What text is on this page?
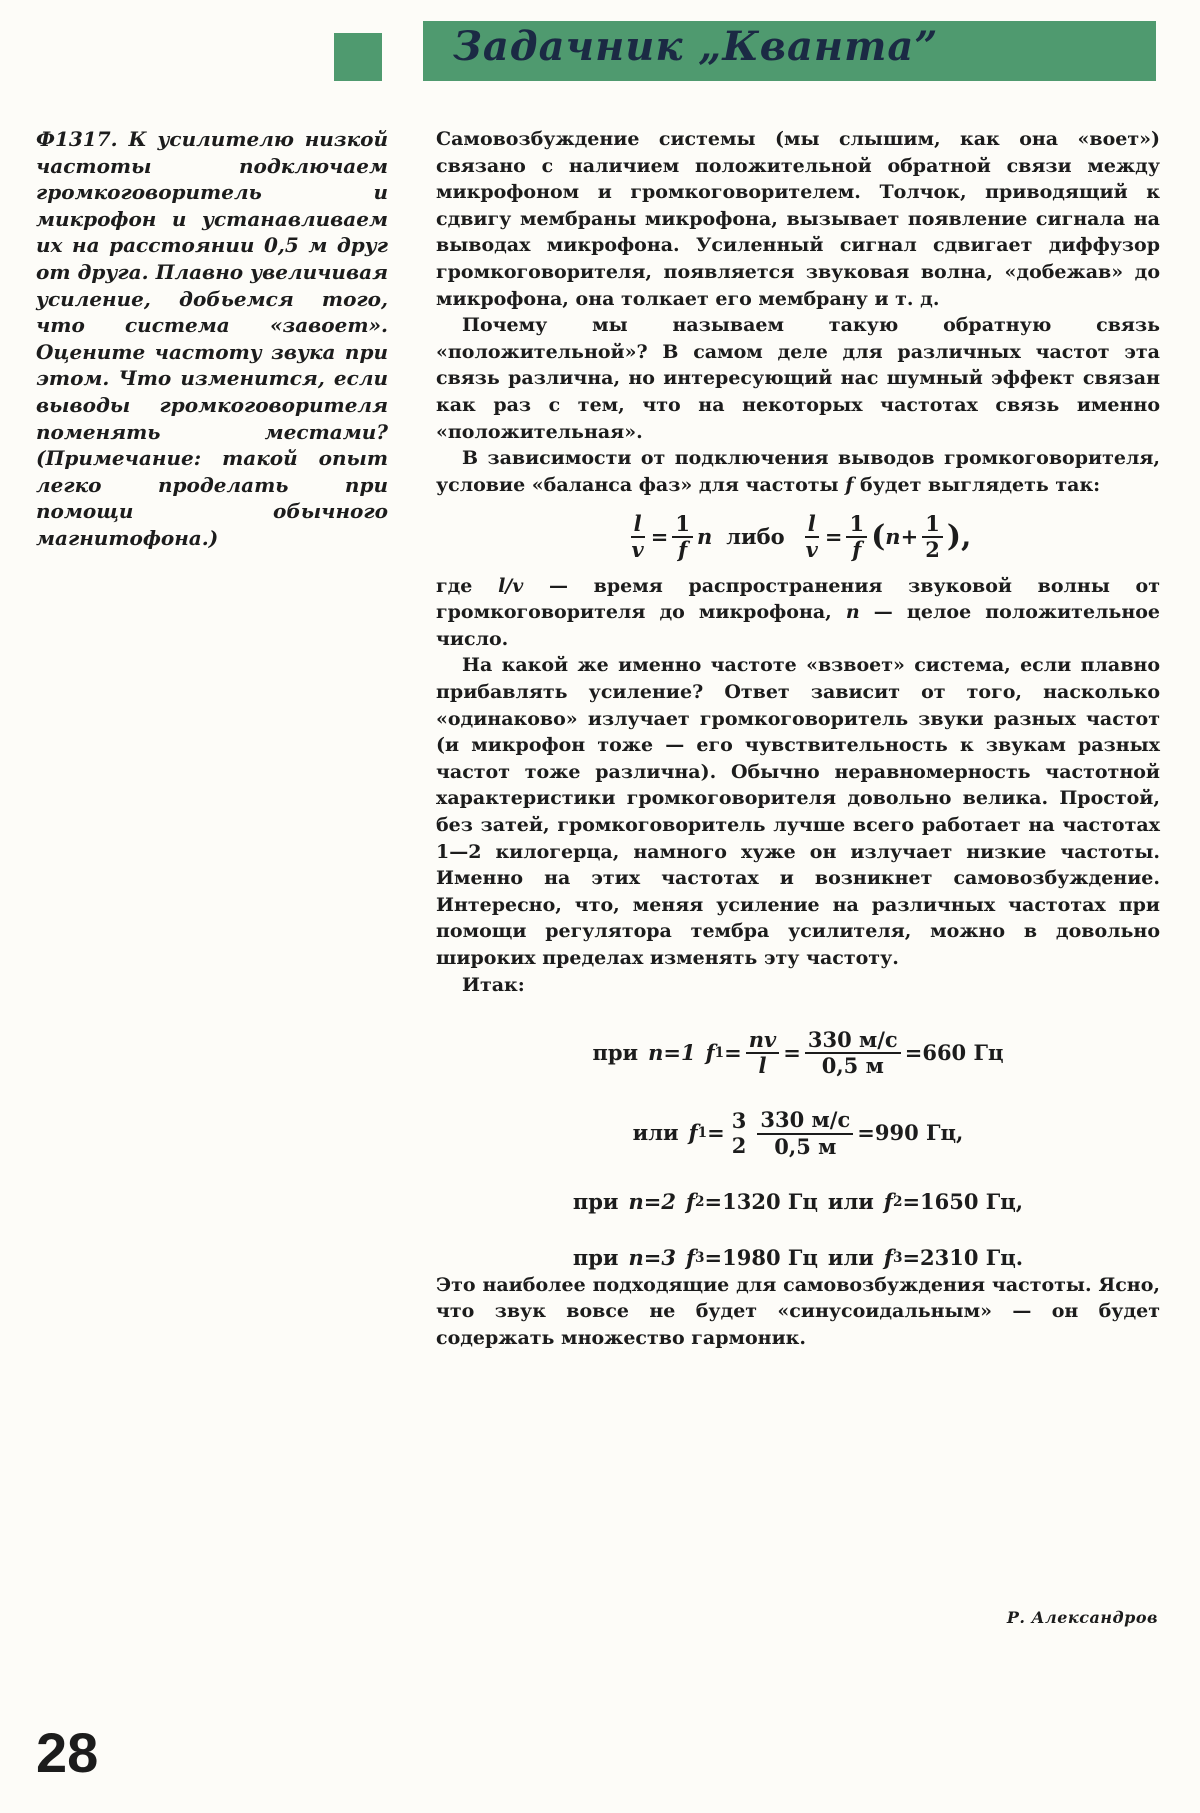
Задачник „Кванта”
Ф1317. К усилителю низкой частоты подключаем громкоговоритель и микрофон и устанавливаем их на расстоянии 0,5 м друг от друга. Плавно увеличивая усиление, добьемся того, что система «завоет». Оцените частоту звука при этом. Что изменится, если выводы громкоговорителя поменять местами? (Примечание: такой опыт легко проделать при помощи обычного магнитофона.)

Самовозбуждение системы (мы слышим, как она «воет») связано с наличием положительной обратной связи между микрофоном и громкоговорителем. Толчок, приводящий к сдвигу мембраны микрофона, вызывает появление сигнала на выводах микрофона. Усиленный сигнал сдвигает диффузор громкоговорителя, появляется звуковая волна, «добежав» до микрофона, она толкает его мембрану и т. д.

Почему мы называем такую обратную связь «положительной»? В самом деле для различных частот эта связь различна, но интересующий нас шумный эффект связан как раз с тем, что на некоторых частотах связь именно «положительная».

В зависимости от подключения выводов громкоговорителя, условие «баланса фаз» для частоты f будет выглядеть так:

$\frac{l}{v} = \frac{1}{f}$ n либо $\frac{l}{v} = \frac{1}{f}$ ( $n + \frac{1}{2}$ ),

где l/v — время распространения звуковой волны от громкоговорителя до микрофона, n — целое положительное число.

На какой же именно частоте «взвоет» система, если плавно прибавлять усиление? Ответ зависит от того, насколько «одинаково» излучает громкоговоритель звуки разных частот (и микрофон тоже — его чувствительность к звукам разных частот тоже различна). Обычно неравномерность частотной характеристики громкоговорителя довольно велика. Простой, без затей, громкоговоритель лучше всего работает на частотах 1—2 килогерца, намного хуже он излучает низкие частоты. Именно на этих частотах и возникнет самовозбуждение. Интересно, что, меняя усиление на различных частотах при помощи регулятора тембра усилителя, можно в довольно широких пределах изменять эту частоту.

Итак:

при n=1 f $1 = \frac{nv}{l} = \frac{330 м/с}{0,5 м} =660$ Гц
или f 1 = 3
$2 \frac{330 м/с}{0,5 м} =990$ Гц,
при n=2 f 2 =1320 Гц или f 2 =1650 Гц,
при n=3 f 3 =1980 Гц или f 3 =2310 Гц.

Это наиболее подходящие для самовозбуждения частоты. Ясно, что звук вовсе не будет «синусоидальным» — он будет содержать множество гармоник.

Р. Александров
28
